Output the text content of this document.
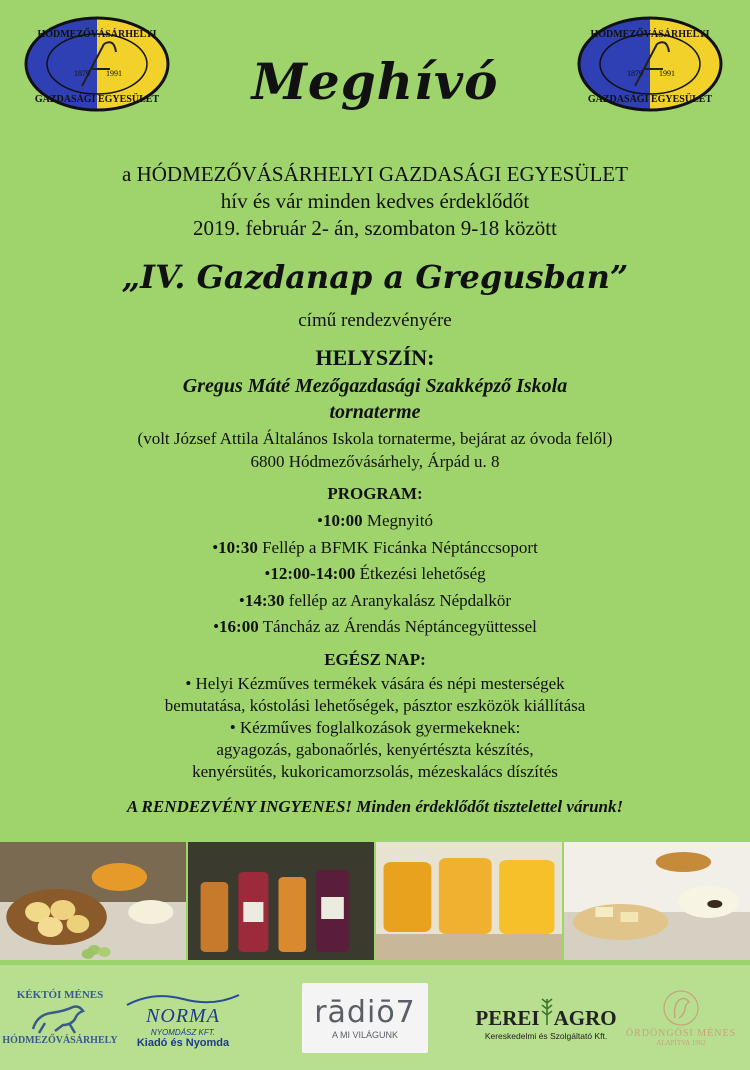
HÓDMEZŐVÁSÁRHELYI
1879 1991
GAZDASÁGI EGYESÜLET
HÓDMEZŐVÁSÁRHELYI
1879 1991
GAZDASÁGI EGYESÜLET
Meghívó
a HÓDMEZŐVÁSÁRHELYI GAZDASÁGI EGYESÜLET
hív és vár minden kedves érdeklődőt
2019. február 2- án, szombaton 9-18 között
„IV. Gazdanap a Gregusban”
című rendezvényére
HELYSZÍN:
Gregus Máté Mezőgazdasági Szakképző Iskola
tornaterme
(volt József Attila Általános Iskola tornaterme, bejárat az óvoda felől)
6800 Hódmezővásárhely, Árpád u. 8
PROGRAM:
•10:00 Megnyitó
•10:30 Fellép a BFMK Ficánka Néptánccsoport
•12:00-14:00 Étkezési lehetőség
•14:30 fellép az Aranykalász Népdalkör
•16:00 Táncház az Árendás Néptáncegyüttessel
EGÉSZ NAP:
• Helyi Kézműves termékek vására és népi mesterségek
bemutatása, kóstolási lehetőségek, pásztor eszközök kiállítása
• Kézműves foglalkozások gyermekeknek:
agyagozás, gabonaőrlés, kenyértészta készítés,
kenyérsütés, kukoricamorzsolás, mézeskalács díszítés
A RENDEZVÉNY INGYENES! Minden érdeklődőt tisztelettel várunk!
KÉKTÓI MÉNES
HÓDMEZŐVÁSÁRHELY
NORMA
NYOMDÁSZ KFT.
Kiadó és Nyomda
rādiō7
A MI VILÁGUNK
PEREI AGRO
Kereskedelmi és Szolgáltató Kft. ÖRDÖNGÖSI MÉNES
ALAPÍTVA 1962
